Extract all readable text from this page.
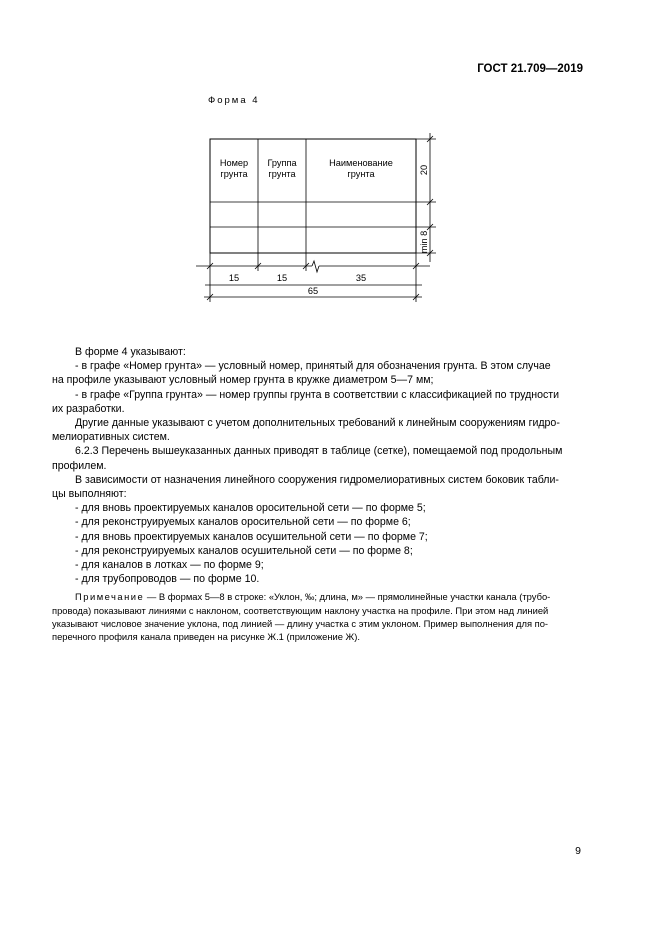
ГОСТ 21.709—2019
Форма 4
Номер грунта
Группа грунта
Наименование грунта
15	15	35
65
20
min 8

В форме 4 указывают:

- в графе «Номер грунта» — условный номер, принятый для обозначения грунта. В этом случае

на профиле указывают условный номер грунта в кружке диаметром 5—7 мм;

- в графе «Группа грунта» — номер группы грунта в соответствии с классификацией по трудности

их разработки.

Другие данные указывают с учетом дополнительных требований к линейным сооружениям гидро-

мелиоративных систем.

6.2.3 Перечень вышеуказанных данных приводят в таблице (сетке), помещаемой под продольным

профилем.

В зависимости от назначения линейного сооружения гидромелиоративных систем боковик табли-

цы выполняют:

- для вновь проектируемых каналов оросительной сети — по форме 5;

- для реконструируемых каналов оросительной сети — по форме 6;

- для вновь проектируемых каналов осушительной сети — по форме 7;

- для реконструируемых каналов осушительной сети — по форме 8;

- для каналов в лотках — по форме 9;

- для трубопроводов — по форме 10.

Примечание — В формах 5—8 в строке: «Уклон, ‰; длина, м» — прямолинейные участки канала (трубо-
провода) показывают линиями с наклоном, соответствующим наклону участка на профиле. При этом над линией
указывают числовое значение уклона, под линией — длину участка с этим уклоном. Пример выполнения для по-
перечного профиля канала приведен на рисунке Ж.1 (приложение Ж).
9
